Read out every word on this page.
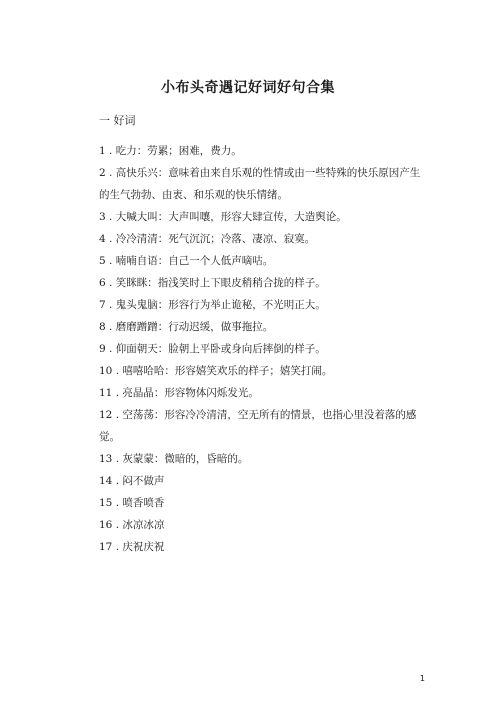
小布头奇遇记好词好句合集
一 好词
1 . 吃力：劳累；困难，费力。
2 . 高快乐兴：意味着由来自乐观的性情或由一些特殊的快乐原因产生的生气勃勃、由衷、和乐观的快乐情绪。
3 . 大喊大叫：大声叫嚷，形容大肆宣传，大造舆论。
4 . 冷冷清清：死气沉沉；冷落、凄凉、寂寞。
5 . 喃喃自语：自己一个人低声嘀咕。
6 . 笑眯眯：指浅笑时上下眼皮稍稍合拢的样子。
7 . 鬼头鬼脑：形容行为举止诡秘，不光明正大。
8 . 磨磨蹭蹭：行动迟缓，做事拖拉。
9 . 仰面朝天：脸朝上平卧或身向后摔倒的样子。
10 . 嘻嘻哈哈：形容嬉笑欢乐的样子；嬉笑打闹。
11 . 亮晶晶：形容物体闪烁发光。
12 . 空荡荡：形容冷冷清清，空无所有的情景，也指心里没着落的感觉。
13 . 灰蒙蒙：微暗的，昏暗的。
14 . 闷不做声
15 . 喷香喷香
16 . 冰凉冰凉
17 . 庆祝庆祝
1
